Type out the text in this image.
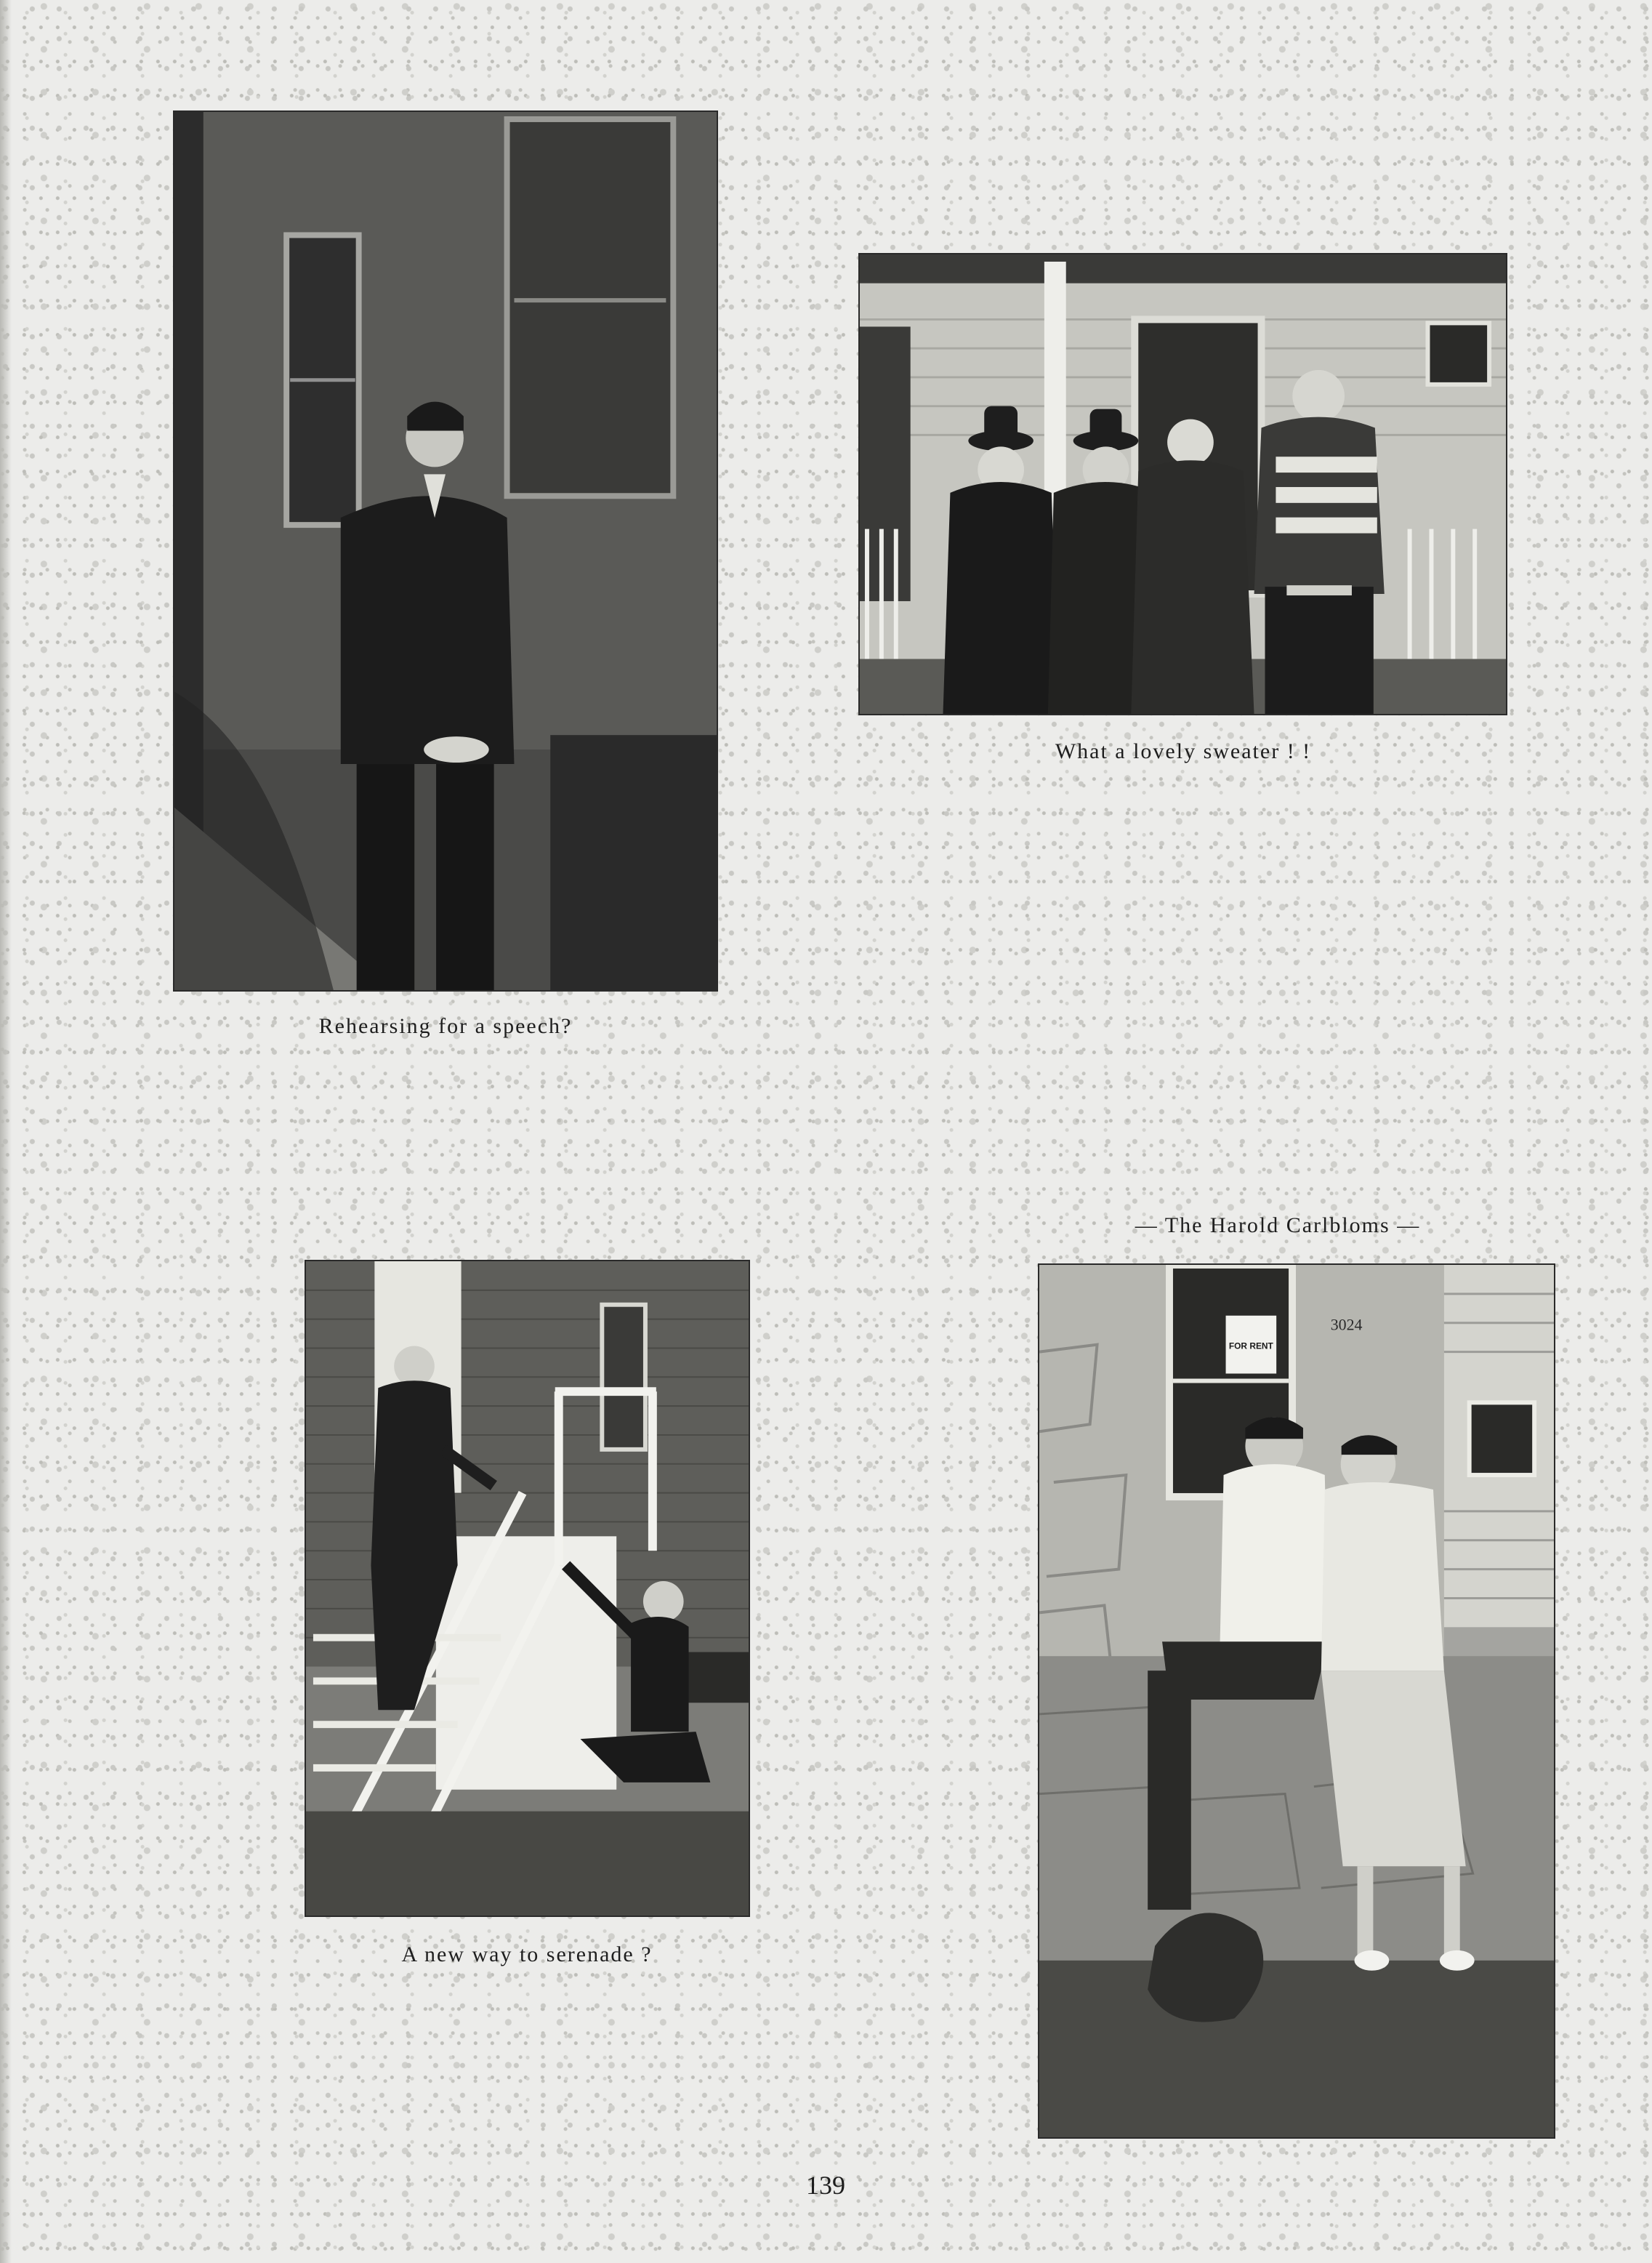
Rehearsing for a speech?
What a lovely sweater ! !
A new way to serenade ?
— The Harold Carlbloms —
FOR RENT
3024
139
